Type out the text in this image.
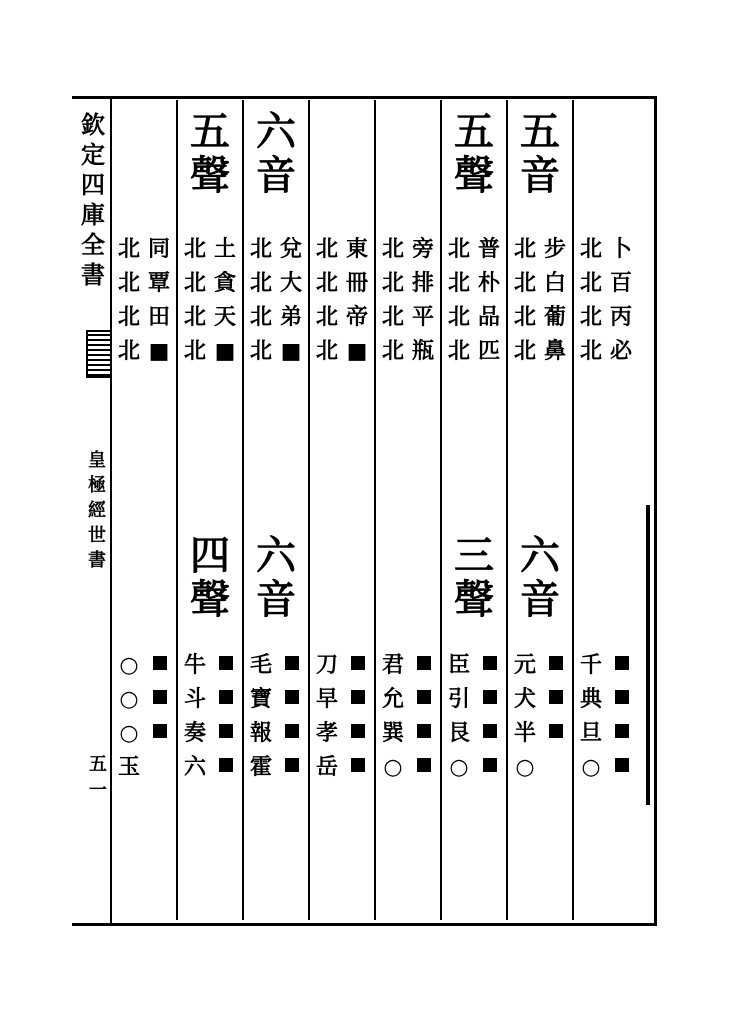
欽
定
四
庫
全
書
皇
極
經
世
書
五一
五聲
六音
五聲
五音
同
覃
田
■
北
北
北
北
土
貪
天
■
北
北
北
北
兌
大
弟
■
北
北
北
北
東
冊
帝
■
北
北
北
北
旁
排
平
瓶
北
北
北
北
普
朴
品
匹
北
北
北
北
步
白
葡
鼻
北
北
北
北
卜
百
丙
必
北
北
北
北
四聲
六音
三聲
六音
○
○
○
玉
牛
斗
奏
六
毛
寶
報
霍
刀
早
孝
岳
君
允
巽
○
臣
引
艮
○
元
犬
半
○
千
典
旦
○
